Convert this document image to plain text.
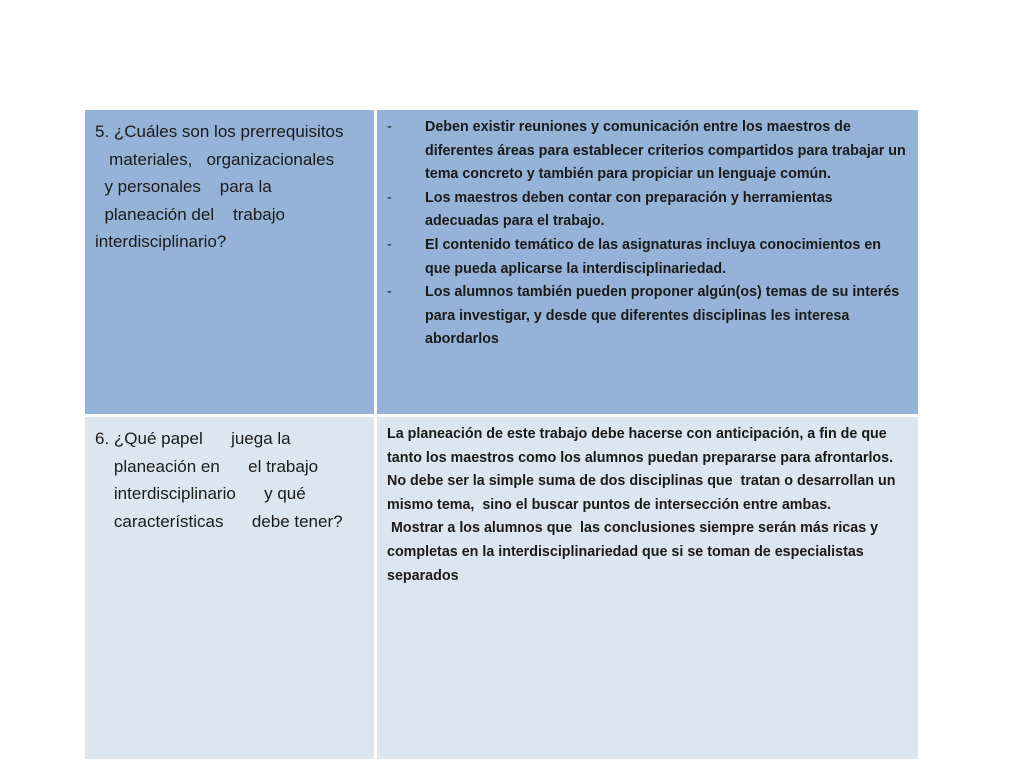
5. ¿Cuáles son los prerrequisitos
materiales,   organizacionales
y personales    para la
planeación del    trabajo
interdisciplinario?
- Deben existir reuniones y comunicación entre los maestros de diferentes áreas para establecer criterios compartidos para trabajar un tema concreto y también para propiciar un lenguaje común.
- Los maestros deben contar con preparación y herramientas adecuadas para el trabajo.
- El contenido temático de las asignaturas incluya conocimientos en que pueda aplicarse la interdisciplinariedad.
- Los alumnos también pueden proponer algún(os) temas de su interés para investigar, y desde que diferentes disciplinas les interesa abordarlos
6. ¿Qué papel      juega la
planeación en      el trabajo
interdisciplinario      y qué
características      debe tener?
La planeación de este trabajo debe hacerse con anticipación, a fin de que tanto los maestros como los alumnos puedan prepararse para afrontarlos.
No debe ser la simple suma de dos disciplinas que  tratan o desarrollan un mismo tema,  sino el buscar puntos de intersección entre ambas.
Mostrar a los alumnos que  las conclusiones siempre serán más ricas y completas en la interdisciplinariedad que si se toman de especialistas separados
